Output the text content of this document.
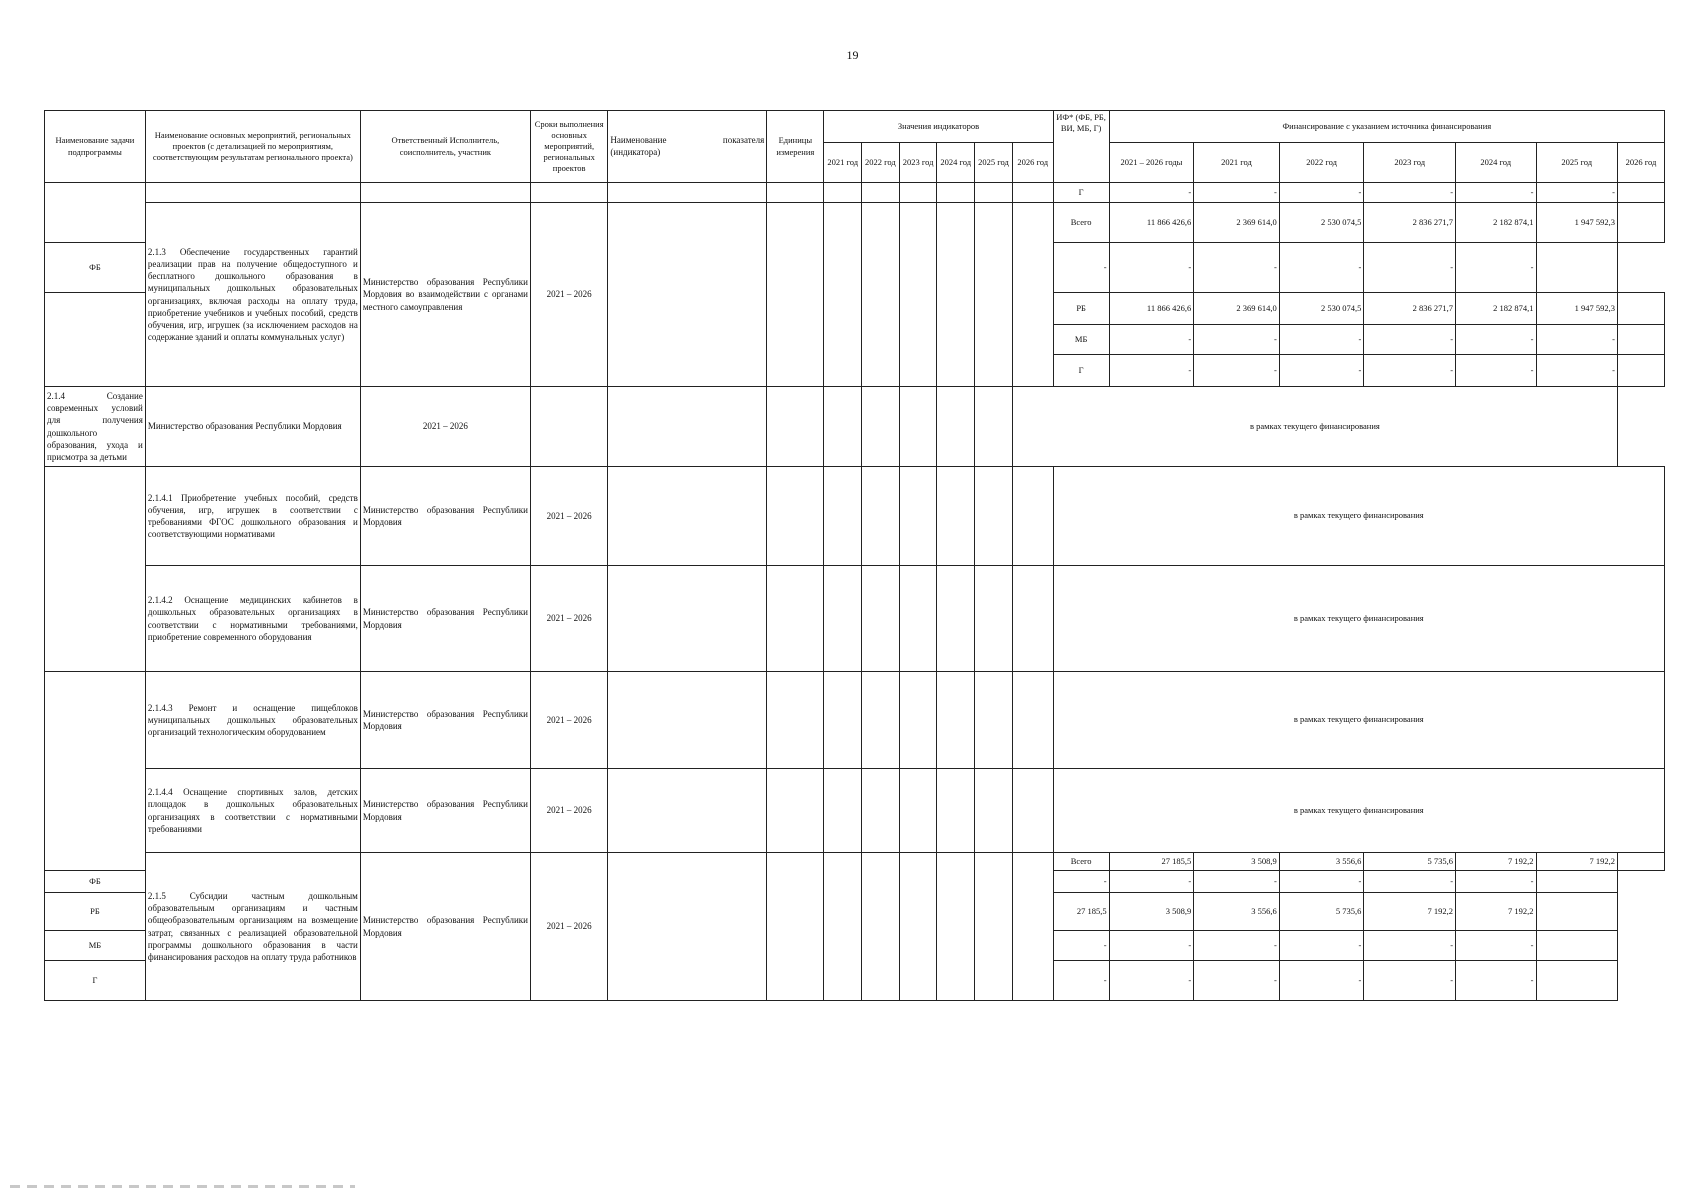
19
Наименование задачи подпрограммы	Наименование основных мероприятий, региональных проектов (с детализацией по мероприятиям, соответствующим результатам регионального проекта)	Ответственный Исполнитель, соисполнитель, участник	Сроки выполнения основных мероприятий, региональных проектов	Наименование показателя
(индикатора)	Единицы измерения	Значения индикаторов						ИФ* (ФБ, РБ, ВИ, МБ, Г)	Финансирование с указанием источника финансирования						
						2021 год	2022 год	2023 год	2024 год	2025 год	2026 год		2021 – 2026 годы	2021 год	2022 год	2023 год	2024 год	2025 год	2026 год
												Г	-	-	-	-	-	-	
	2.1.3 Обеспечение государственных гарантий реализации прав на получение общедоступного и бесплатного дошкольного образования в муниципальных дошкольных образовательных организациях, включая расходы на оплату труда, приобретение учебников и учебных пособий, средств обучения, игр, игрушек (за исключением расходов на содержание зданий и оплаты коммунальных услуг)	Министерство образования Республики Мордовия во взаимодействии с органами местного самоуправления	2021 – 2026									Всего	11 866 426,6	2 369 614,0	2 530 074,5	2 836 271,7	2 182 874,1	1 947 592,3	
ФБ												-	-	-	-	-	-		
												РБ	11 866 426,6	2 369 614,0	2 530 074,5	2 836 271,7	2 182 874,1	1 947 592,3	
												МБ	-	-	-	-	-	-	
												Г	-	-	-	-	-	-	
2.1.4 Создание современных условий для получения дошкольного образования, ухода и присмотра за детьми	Министерство образования Республики Мордовия	2021 – 2026									в рамках текущего финансирования								
	2.1.4.1 Приобретение учебных пособий, средств обучения, игр, игрушек в соответствии с требованиями ФГОС дошкольного образования и соответствующими нормативами	Министерство образования Республики Мордовия	2021 – 2026									в рамках текущего финансирования							
	2.1.4.2 Оснащение медицинских кабинетов в дошкольных образовательных организациях в соответствии с нормативными требованиями, приобретение современного оборудования	Министерство образования Республики Мордовия	2021 – 2026									в рамках текущего финансирования							
	2.1.4.3 Ремонт и оснащение пищеблоков муниципальных дошкольных образовательных организаций технологическим оборудованием	Министерство образования Республики Мордовия	2021 – 2026									в рамках текущего финансирования							
	2.1.4.4 Оснащение спортивных залов, детских площадок в дошкольных образовательных организациях в соответствии с нормативными требованиями	Министерство образования Республики Мордовия	2021 – 2026									в рамках текущего финансирования							
	2.1.5 Субсидии частным дошкольным образовательным организациям и частным общеобразовательным организациям на возмещение затрат, связанных с реализацией образовательной программы дошкольного образования в части финансирования расходов на оплату труда работников	Министерство образования Республики Мордовия	2021 – 2026									Всего	27 185,5	3 508,9	3 556,6	5 735,6	7 192,2	7 192,2	
ФБ												-	-	-	-	-	-		
РБ												27 185,5	3 508,9	3 556,6	5 735,6	7 192,2	7 192,2		
МБ												-	-	-	-	-	-		
Г												-	-	-	-	-	-		
